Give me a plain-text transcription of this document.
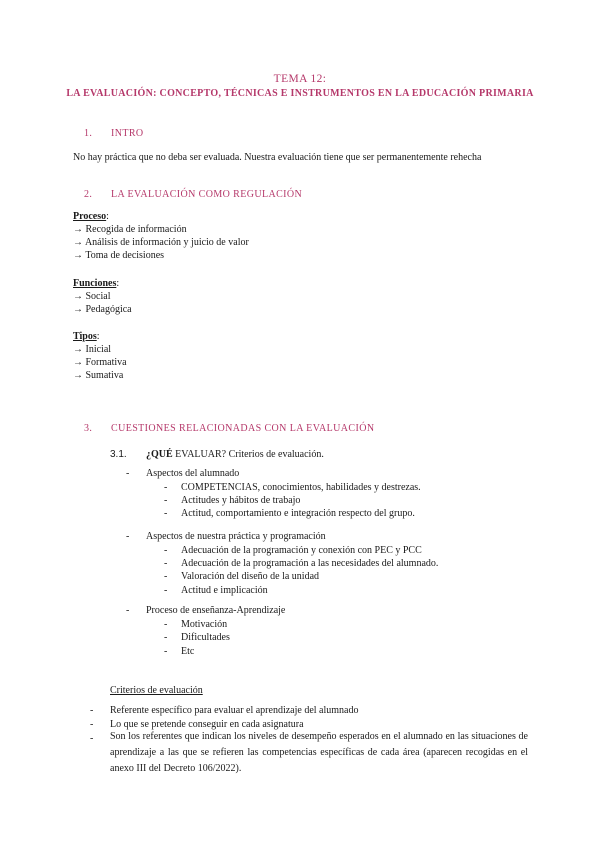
TEMA 12:
LA EVALUACIÓN: CONCEPTO, TÉCNICAS E INSTRUMENTOS EN LA EDUCACIÓN PRIMARIA
1. INTRO
No hay práctica que no deba ser evaluada. Nuestra evaluación tiene que ser permanentemente rehecha
2. LA EVALUACIÓN COMO REGULACIÓN
Proceso:
→ Recogida de información
→ Análisis de información y juicio de valor
→ Toma de decisiones
Funciones:
→ Social
→ Pedagógica
Tipos:
→ Inicial
→ Formativa
→ Sumativa
3. CUESTIONES RELACIONADAS CON LA EVALUACIÓN
3.1. ¿QUÉ EVALUAR? Criterios de evaluación.
- Aspectos del alumnado
- COMPETENCIAS, conocimientos, habilidades y destrezas.
- Actitudes y hábitos de trabajo
- Actitud, comportamiento e integración respecto del grupo.
- Aspectos de nuestra práctica y programación
- Adecuación de la programación y conexión con PEC y PCC
- Adecuación de la programación a las necesidades del alumnado.
- Valoración del diseño de la unidad
- Actitud e implicación
- Proceso de enseñanza-Aprendizaje
- Motivación
- Dificultades
- Etc
Criterios de evaluación
- Referente específico para evaluar el aprendizaje del alumnado
- Lo que se pretende conseguir en cada asignatura
- Son los referentes que indican los niveles de desempeño esperados en el alumnado en las situaciones de aprendizaje a las que se refieren las competencias específicas de cada área (aparecen recogidas en el anexo III del Decreto 106/2022).
